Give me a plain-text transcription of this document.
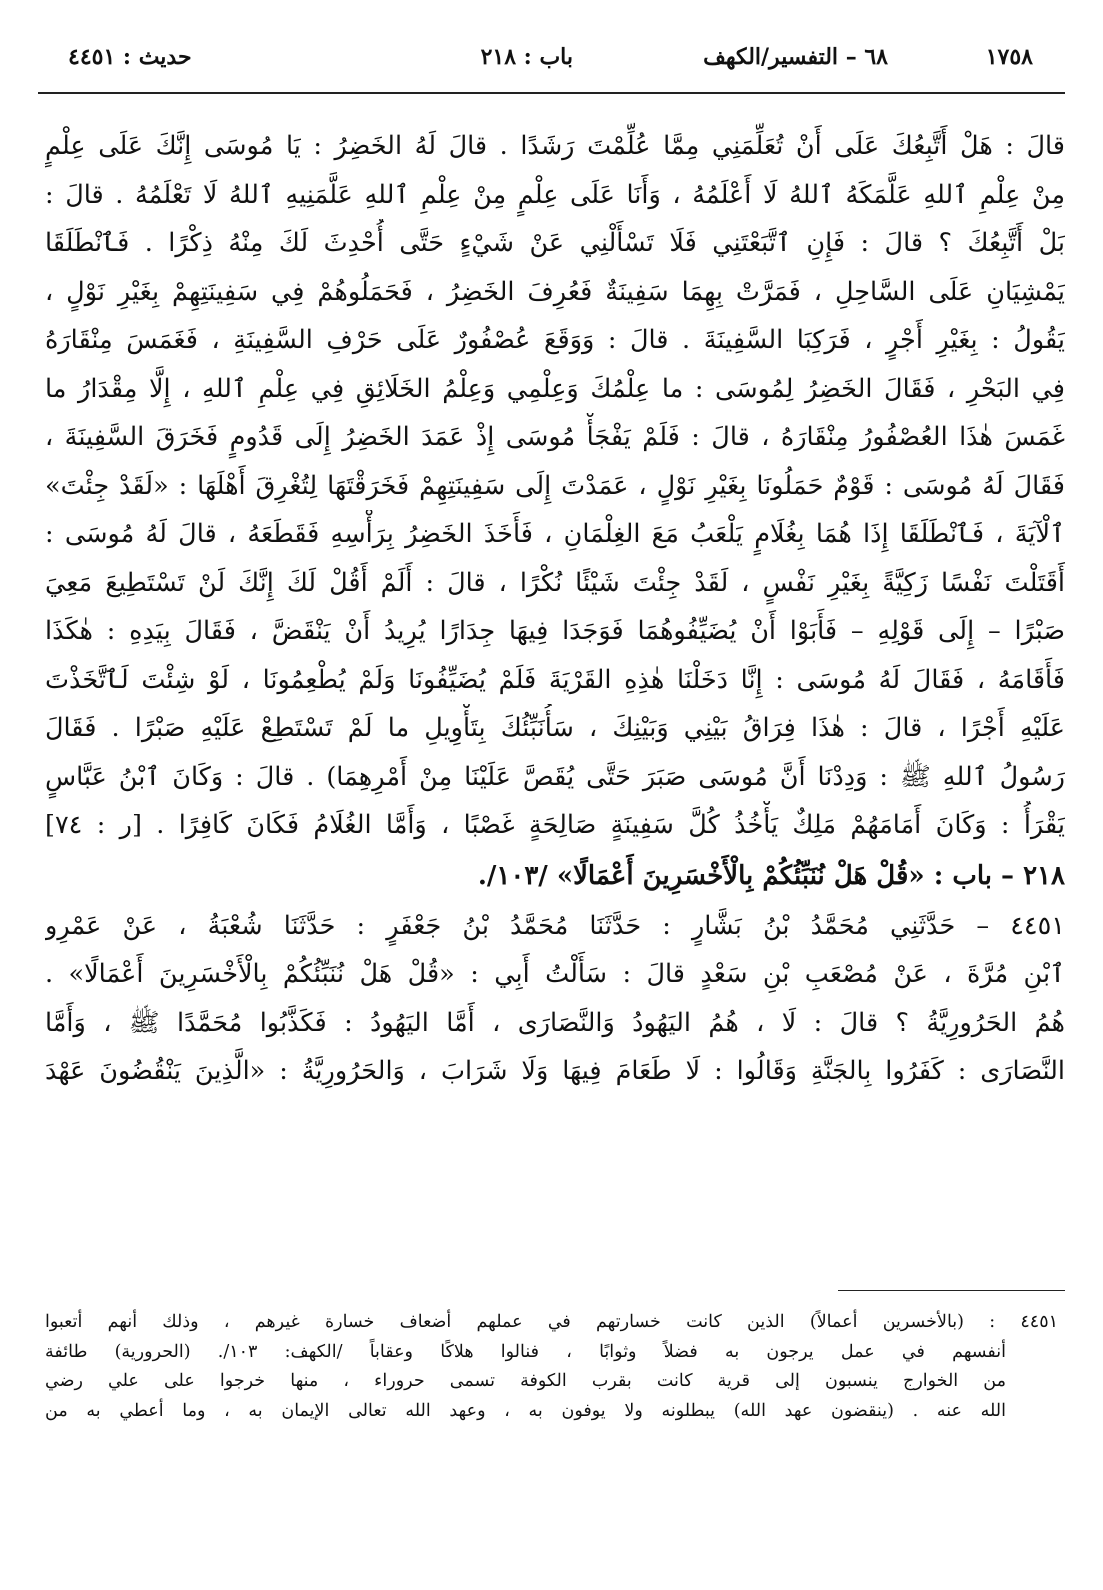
١٧٥٨
٦٨ – التفسير/الكهف
باب : ٢١٨
حديث : ٤٤٥١
قالَ : هَلْ أَتَّبِعُكَ عَلَى أَنْ تُعَلِّمَنِي مِمَّا عُلِّمْتَ رَشَدًا . قالَ لَهُ الخَضِرُ : يَا مُوسَى إِنَّكَ عَلَى عِلْمٍ
مِنْ عِلْمِ ٱللهِ عَلَّمَكَهُ ٱللهُ لَا أَعْلَمُهُ ، وَأَنَا عَلَى عِلْمٍ مِنْ عِلْمِ ٱللهِ عَلَّمَنِيهِ ٱللهُ لَا تَعْلَمُهُ . قالَ :
بَلْ أَتَّبِعُكَ ؟ قالَ : فَإِنِ ٱتَّبَعْتَنِي فَلَا تَسْأَلْنِي عَنْ شَيْءٍ حَتَّى أُحْدِثَ لَكَ مِنْهُ ذِكْرًا . فَٱنْطَلَقَا
يَمْشِيَانِ عَلَى السَّاحِلِ ، فَمَرَّتْ بِهِمَا سَفِينَةٌ فَعُرِفَ الخَضِرُ ، فَحَمَلُوهُمْ فِي سَفِينَتِهِمْ بِغَيْرِ نَوْلٍ ،
يَقُولُ : بِغَيْرِ أَجْرٍ ، فَرَكِبَا السَّفِينَةَ . قالَ : وَوَقَعَ عُصْفُورٌ عَلَى حَرْفِ السَّفِينَةِ ، فَغَمَسَ مِنْقَارَهُ
فِي البَحْرِ ، فَقَالَ الخَضِرُ لِمُوسَى : ما عِلْمُكَ وَعِلْمِي وَعِلْمُ الخَلَائِقِ فِي عِلْمِ ٱللهِ ، إِلَّا مِقْدَارُ ما
غَمَسَ هٰذَا العُصْفُورُ مِنْقَارَهُ ، قالَ : فَلَمْ يَفْجَأْ مُوسَى إِذْ عَمَدَ الخَضِرُ إِلَى قَدُومٍ فَخَرَقَ السَّفِينَةَ ،
فَقَالَ لَهُ مُوسَى : قَوْمٌ حَمَلُونَا بِغَيْرِ نَوْلٍ ، عَمَدْتَ إِلَى سَفِينَتِهِمْ فَخَرَقْتَهَا لِتُغْرِقَ أَهْلَهَا : «لَقَدْ جِئْتَ»
ٱلْآيَةَ ، فَٱنْطَلَقَا إِذَا هُمَا بِغُلَامٍ يَلْعَبُ مَعَ الغِلْمَانِ ، فَأَخَذَ الخَضِرُ بِرَأْسِهِ فَقَطَعَهُ ، قالَ لَهُ مُوسَى :
أَقَتَلْتَ نَفْسًا زَكِيَّةً بِغَيْرِ نَفْسٍ ، لَقَدْ جِئْتَ شَيْئًا نُكْرًا ، قالَ : أَلَمْ أَقُلْ لَكَ إِنَّكَ لَنْ تَسْتَطِيعَ مَعِيَ
صَبْرًا – إِلَى قَوْلِهِ – فَأَبَوْا أَنْ يُضَيِّفُوهُمَا فَوَجَدَا فِيهَا جِدَارًا يُرِيدُ أَنْ يَنْقَضَّ ، فَقَالَ بِيَدِهِ : هٰكَذَا
فَأَقَامَهُ ، فَقَالَ لَهُ مُوسَى : إِنَّا دَخَلْنَا هٰذِهِ القَرْيَةَ فَلَمْ يُضَيِّفُونَا وَلَمْ يُطْعِمُونَا ، لَوْ شِئْتَ لَٱتَّخَذْتَ
عَلَيْهِ أَجْرًا ، قالَ : هٰذَا فِرَاقُ بَيْنِي وَبَيْنِكَ ، سَأُنَبِّئُكَ بِتَأْوِيلِ ما لَمْ تَسْتَطِعْ عَلَيْهِ صَبْرًا . فَقَالَ
رَسُولُ ٱللهِ ﷺ : وَدِدْنَا أَنَّ مُوسَى صَبَرَ حَتَّى يُقَصَّ عَلَيْنَا مِنْ أَمْرِهِمَا) . قالَ : وَكَانَ ٱبْنُ عَبَّاسٍ
يَقْرَأُ : وَكَانَ أَمَامَهُمْ مَلِكٌ يَأْخُذُ كُلَّ سَفِينَةٍ صَالِحَةٍ غَصْبًا ، وَأَمَّا الغُلَامُ فَكَانَ كَافِرًا . [ر : ٧٤]
٢١٨ – باب : «قُلْ هَلْ نُنَبِّئُكُمْ بِالْأَخْسَرِينَ أَعْمَالًا» /١٠٣/.
٤٤٥١ – حَدَّثَنِي مُحَمَّدُ بْنُ بَشَّارٍ : حَدَّثَنَا مُحَمَّدُ بْنُ جَعْفَرٍ : حَدَّثَنَا شُعْبَةُ ، عَنْ عَمْرِو
ٱبْنِ مُرَّةَ ، عَنْ مُصْعَبِ بْنِ سَعْدٍ قالَ : سَأَلْتُ أَبِي : «قُلْ هَلْ نُنَبِّئُكُمْ بِالْأَخْسَرِينَ أَعْمَالًا» .
هُمُ الحَرُورِيَّةُ ؟ قالَ : لَا ، هُمُ اليَهُودُ وَالنَّصَارَى ، أَمَّا اليَهُودُ : فَكَذَّبُوا مُحَمَّدًا ﷺ ، وَأَمَّا
النَّصَارَى : كَفَرُوا بِالجَنَّةِ وَقَالُوا : لَا طَعَامَ فِيهَا وَلَا شَرَابَ ، وَالحَرُورِيَّةُ : «الَّذِينَ يَنْقُضُونَ عَهْدَ
٤٤٥١ : (بالأخسرين أعمالاً) الذين كانت خسارتهم في عملهم أضعاف خسارة غيرهم ، وذلك أنهم أتعبوا
أنفسهم في عمل يرجون به فضلاً وثوابًا ، فنالوا هلاكًا وعقاباً /الكهف: ١٠٣/. (الحرورية) طائفة
من الخوارج ينسبون إلى قرية كانت بقرب الكوفة تسمى حروراء ، منها خرجوا على علي رضي
الله عنه . (ينقضون عهد الله) يبطلونه ولا يوفون به ، وعهد الله تعالى الإيمان به ، وما أعطي به من
